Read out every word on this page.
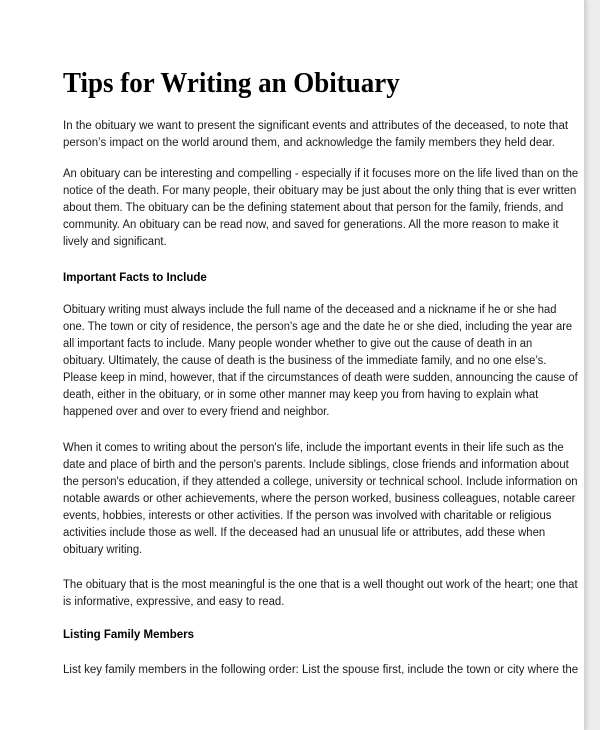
Tips for Writing an Obituary
In the obituary we want to present the significant events and attributes of the deceased, to note that
person’s impact on the world around them, and acknowledge the family members they held dear.
An obituary can be interesting and compelling - especially if it focuses more on the life lived than on the
notice of the death. For many people, their obituary may be just about the only thing that is ever written
about them. The obituary can be the defining statement about that person for the family, friends, and
community. An obituary can be read now, and saved for generations. All the more reason to make it
lively and significant.
Important Facts to Include
Obituary writing must always include the full name of the deceased and a nickname if he or she had
one. The town or city of residence, the person's age and the date he or she died, including the year are
all important facts to include. Many people wonder whether to give out the cause of death in an
obituary. Ultimately, the cause of death is the business of the immediate family, and no one else’s.
Please keep in mind, however, that if the circumstances of death were sudden, announcing the cause of
death, either in the obituary, or in some other manner may keep you from having to explain what
happened over and over to every friend and neighbor.
When it comes to writing about the person's life, include the important events in their life such as the
date and place of birth and the person's parents. Include siblings, close friends and information about
the person's education, if they attended a college, university or technical school. Include information on
notable awards or other achievements, where the person worked, business colleagues, notable career
events, hobbies, interests or other activities. If the person was involved with charitable or religious
activities include those as well. If the deceased had an unusual life or attributes, add these when
obituary writing.
The obituary that is the most meaningful is the one that is a well thought out work of the heart; one that
is informative, expressive, and easy to read.
Listing Family Members
List key family members in the following order: List the spouse first, include the town or city where the
